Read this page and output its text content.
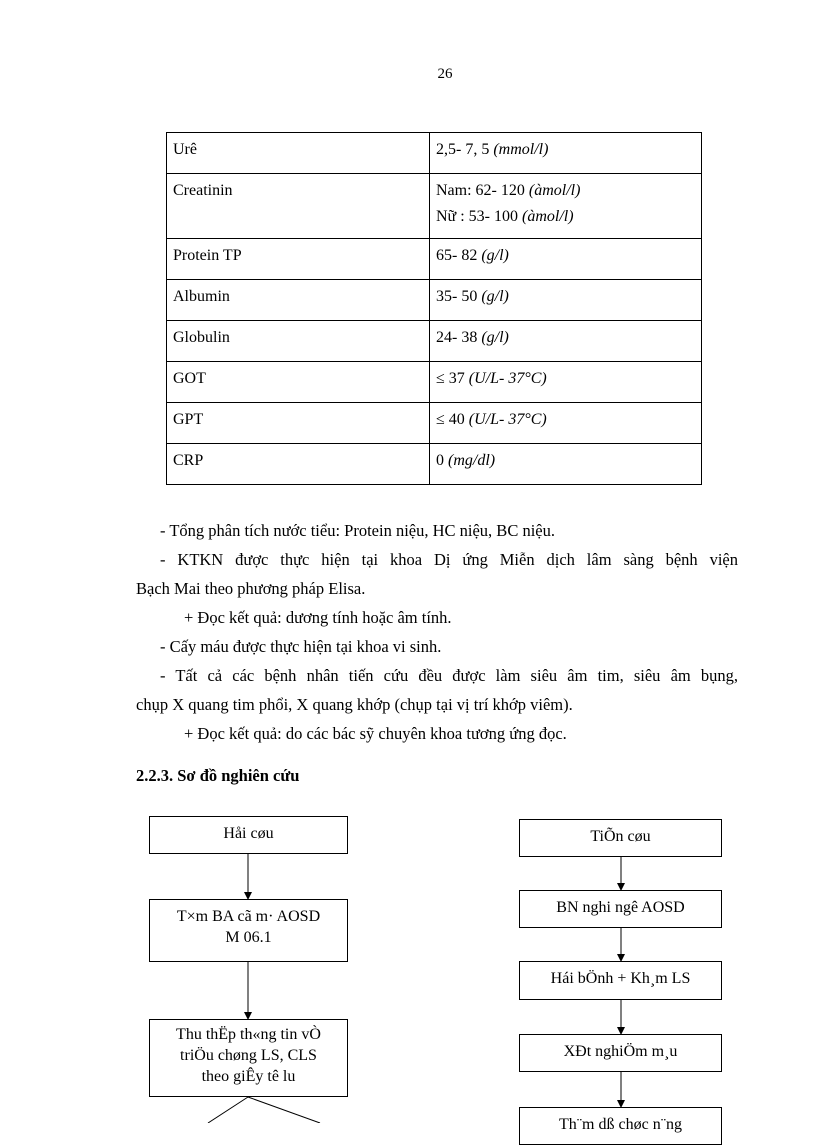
26
Urê	2,5- 7, 5 (mmol/l)
Creatinin	Nam: 62- 120 (àmol/l)
Nữ : 53- 100 (àmol/l)

Protein TP	65- 82 (g/l)
Albumin	35- 50 (g/l)
Globulin	24- 38 (g/l)
GOT	≤ 37 (U/L- 37°C)
GPT	≤ 40 (U/L- 37°C)
CRP	0 (mg/dl)
- Tổng phân tích nước tiểu: Protein niệu, HC niệu, BC niệu.
- KTKN được thực hiện tại khoa Dị ứng Miễn dịch lâm sàng bệnh viện
Bạch Mai theo phương pháp Elisa.
+ Đọc kết quả: dương tính hoặc âm tính.
- Cấy máu được thực hiện tại khoa vi sinh.
- Tất cả các bệnh nhân tiến cứu đều được làm siêu âm tim, siêu âm bụng,
chụp X quang tim phổi, X quang khớp (chụp tại vị trí khớp viêm).
+ Đọc kết quả: do các bác sỹ chuyên khoa tương ứng đọc.
2.2.3. Sơ đồ nghiên cứu
Håi cøu
T×m BA cã m· AOSD
M 06.1
Thu thËp th«ng tin vÒ
triÖu chøng LS, CLS
theo giÊy tê lu
TiÕn cøu
BN nghi ngê AOSD
Hái bÖnh + Kh¸m LS
XÐt nghiÖm m¸u
Th¨m dß chøc n¨ng
